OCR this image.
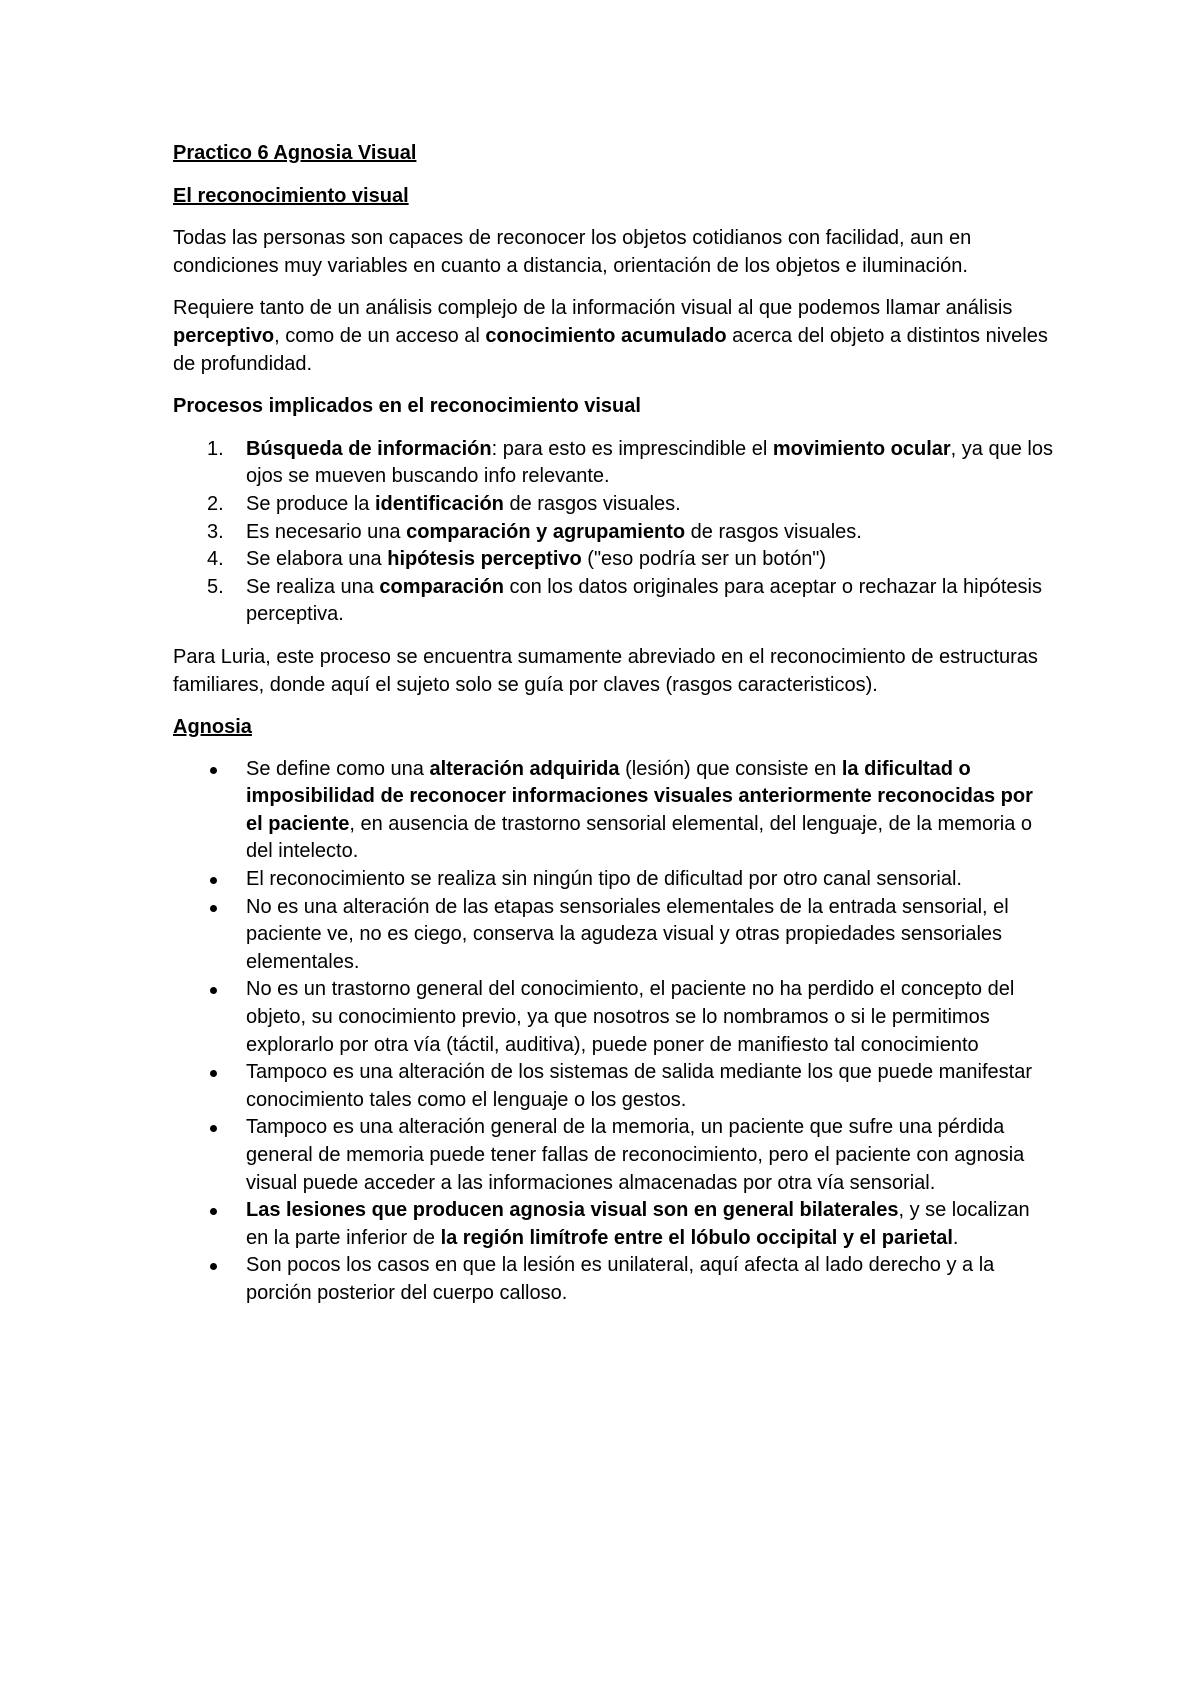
Practico 6 Agnosia Visual
El reconocimiento visual

Todas las personas son capaces de reconocer los objetos cotidianos con facilidad, aun en condiciones muy variables en cuanto a distancia, orientación de los objetos e iluminación.

Requiere tanto de un análisis complejo de la información visual al que podemos llamar análisis perceptivo, como de un acceso al conocimiento acumulado acerca del objeto a distintos niveles de profundidad.

Procesos implicados en el reconocimiento visual
1. Búsqueda de información: para esto es imprescindible el movimiento ocular, ya que los ojos se mueven buscando info relevante.
2. Se produce la identificación de rasgos visuales.
3. Es necesario una comparación y agrupamiento de rasgos visuales.
4. Se elabora una hipótesis perceptivo ("eso podría ser un botón")
5. Se realiza una comparación con los datos originales para aceptar o rechazar la hipótesis perceptiva.

Para Luria, este proceso se encuentra sumamente abreviado en el reconocimiento de estructuras familiares, donde aquí el sujeto solo se guía por claves (rasgos caracteristicos).

Agnosia
Se define como una alteración adquirida (lesión) que consiste en la dificultad o imposibilidad de reconocer informaciones visuales anteriormente reconocidas por el paciente, en ausencia de trastorno sensorial elemental, del lenguaje, de la memoria o del intelecto.
El reconocimiento se realiza sin ningún tipo de dificultad por otro canal sensorial.
No es una alteración de las etapas sensoriales elementales de la entrada sensorial, el paciente ve, no es ciego, conserva la agudeza visual y otras propiedades sensoriales elementales.
No es un trastorno general del conocimiento, el paciente no ha perdido el concepto del objeto, su conocimiento previo, ya que nosotros se lo nombramos o si le permitimos explorarlo por otra vía (táctil, auditiva), puede poner de manifiesto tal conocimiento
Tampoco es una alteración de los sistemas de salida mediante los que puede manifestar conocimiento tales como el lenguaje o los gestos.
Tampoco es una alteración general de la memoria, un paciente que sufre una pérdida general de memoria puede tener fallas de reconocimiento, pero el paciente con agnosia visual puede acceder a las informaciones almacenadas por otra vía sensorial.
Las lesiones que producen agnosia visual son en general bilaterales, y se localizan en la parte inferior de la región limítrofe entre el lóbulo occipital y el parietal.
Son pocos los casos en que la lesión es unilateral, aquí afecta al lado derecho y a la porción posterior del cuerpo calloso.
